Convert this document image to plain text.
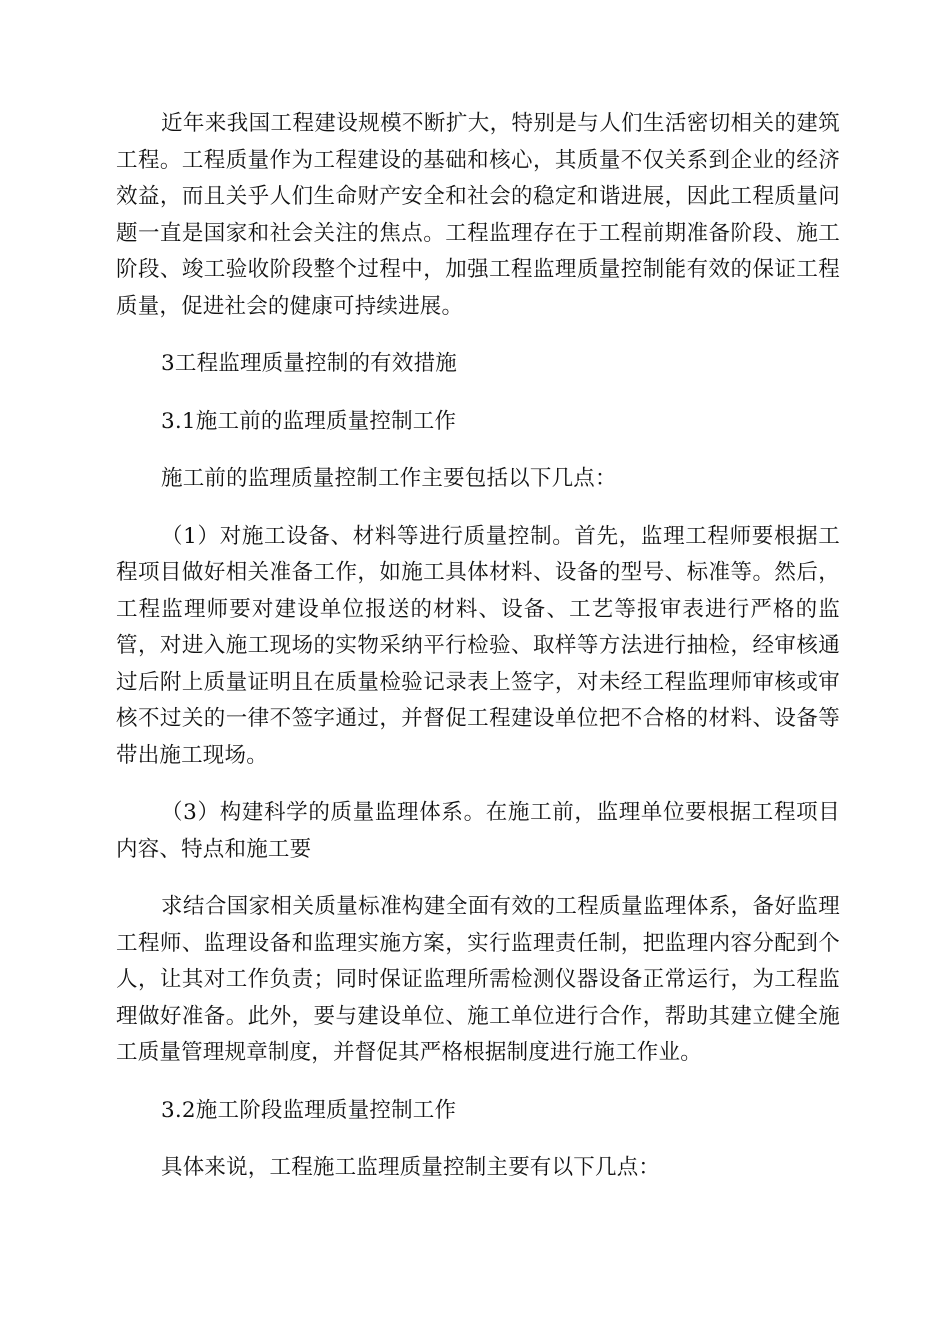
近年来我国工程建设规模不断扩大，特别是与人们生活密切相关的建筑工程。工程质量作为工程建设的基础和核心，其质量不仅关系到企业的经济效益，而且关乎人们生命财产安全和社会的稳定和谐进展，因此工程质量问题一直是国家和社会关注的焦点。工程监理存在于工程前期准备阶段、施工阶段、竣工验收阶段整个过程中，加强工程监理质量控制能有效的保证工程质量，促进社会的健康可持续进展。

3工程监理质量控制的有效措施

3.1施工前的监理质量控制工作

施工前的监理质量控制工作主要包括以下几点：

（1）对施工设备、材料等进行质量控制。首先，监理工程师要根据工程项目做好相关准备工作，如施工具体材料、设备的型号、标准等。然后，工程监理师要对建设单位报送的材料、设备、工艺等报审表进行严格的监管，对进入施工现场的实物采纳平行检验、取样等方法进行抽检，经审核通过后附上质量证明且在质量检验记录表上签字，对未经工程监理师审核或审核不过关的一律不签字通过，并督促工程建设单位把不合格的材料、设备等带出施工现场。

（3）构建科学的质量监理体系。在施工前，监理单位要根据工程项目内容、特点和施工要

求结合国家相关质量标准构建全面有效的工程质量监理体系，备好监理工程师、监理设备和监理实施方案，实行监理责任制，把监理内容分配到个人，让其对工作负责；同时保证监理所需检测仪器设备正常运行，为工程监理做好准备。此外，要与建设单位、施工单位进行合作，帮助其建立健全施工质量管理规章制度，并督促其严格根据制度进行施工作业。

3.2施工阶段监理质量控制工作

具体来说，工程施工监理质量控制主要有以下几点：
